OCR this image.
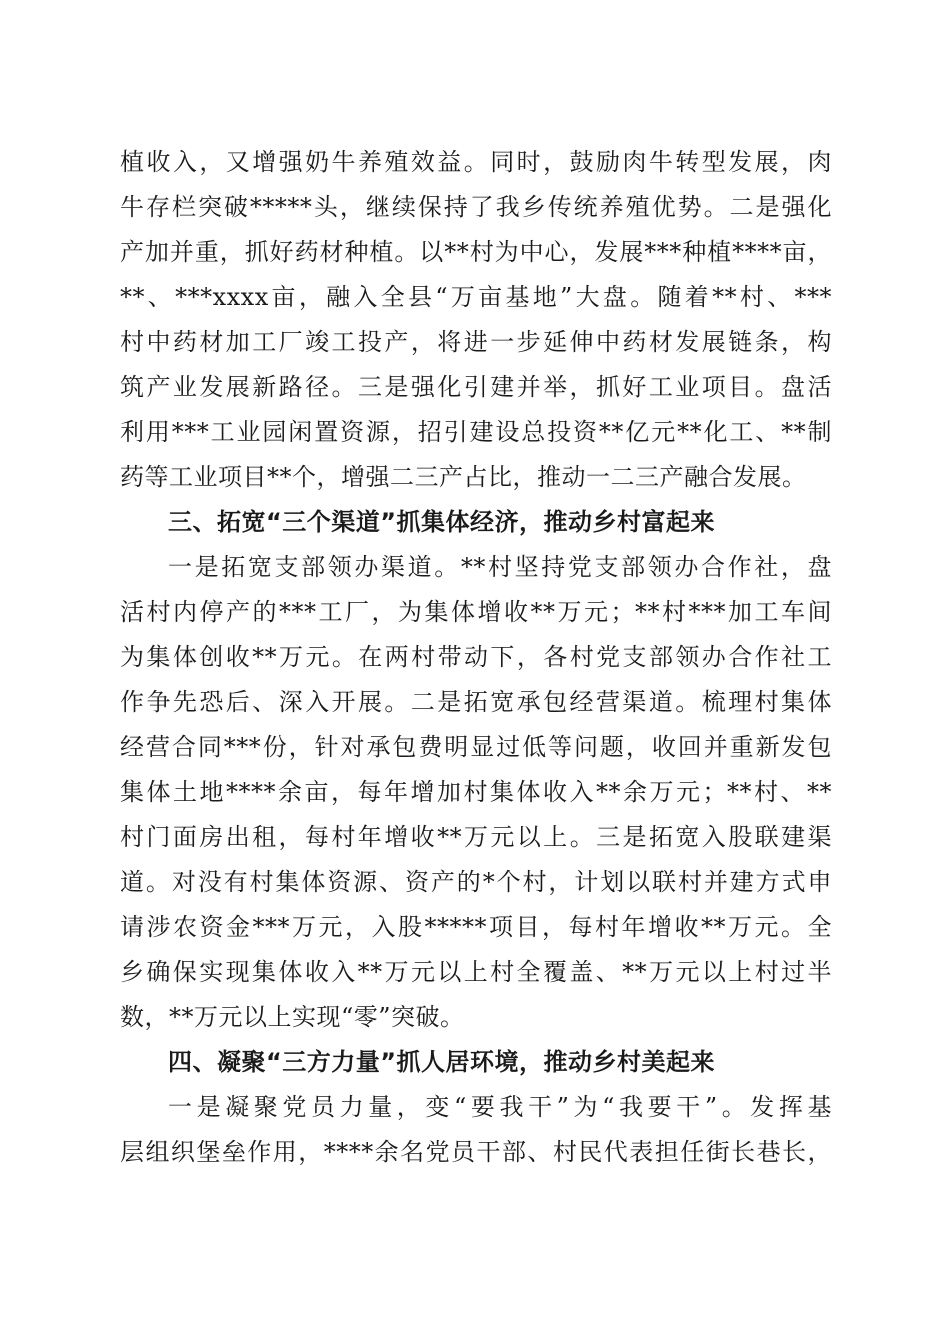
植收入，又增强奶牛养殖效益。同时，鼓励肉牛转型发展，肉
牛存栏突破*****头，继续保持了我乡传统养殖优势。二是强化
产加并重，抓好药材种植。以**村为中心，发展***种植****亩，
**、***xxxx亩，融入全县“万亩基地”大盘。随着**村、***
村中药材加工厂竣工投产，将进一步延伸中药材发展链条，构
筑产业发展新路径。三是强化引建并举，抓好工业项目。盘活
利用***工业园闲置资源，招引建设总投资**亿元**化工、**制
药等工业项目**个，增强二三产占比，推动一二三产融合发展。
三、拓宽“三个渠道”抓集体经济，推动乡村富起来
一是拓宽支部领办渠道。**村坚持党支部领办合作社，盘
活村内停产的***工厂，为集体增收**万元；**村***加工车间
为集体创收**万元。在两村带动下，各村党支部领办合作社工
作争先恐后、深入开展。二是拓宽承包经营渠道。梳理村集体
经营合同***份，针对承包费明显过低等问题，收回并重新发包
集体土地****余亩，每年增加村集体收入**余万元；**村、**
村门面房出租，每村年增收**万元以上。三是拓宽入股联建渠
道。对没有村集体资源、资产的*个村，计划以联村并建方式申
请涉农资金***万元，入股*****项目，每村年增收**万元。全
乡确保实现集体收入**万元以上村全覆盖、**万元以上村过半
数，**万元以上实现“零”突破。
四、凝聚“三方力量”抓人居环境，推动乡村美起来
一是凝聚党员力量，变“要我干”为“我要干”。发挥基
层组织堡垒作用，****余名党员干部、村民代表担任街长巷长，
